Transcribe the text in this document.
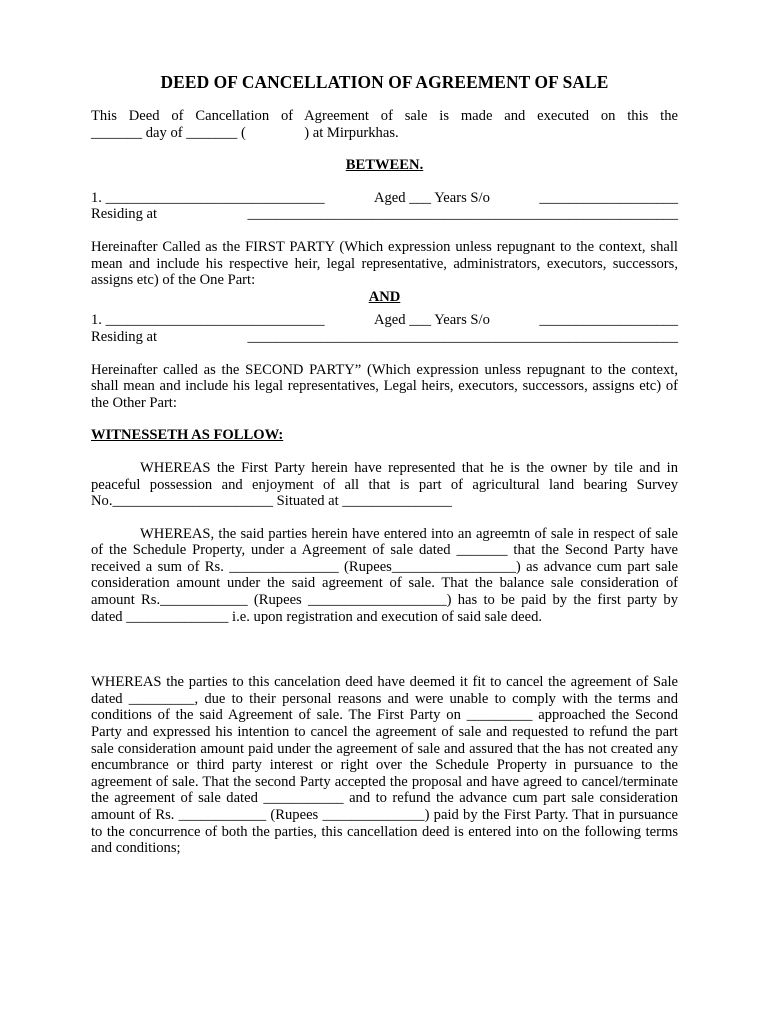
DEED OF CANCELLATION OF AGREEMENT OF SALE
This Deed of Cancellation of Agreement of sale is made and executed on this the
_______ day of _______ (                ) at Mirpurkhas.
BETWEEN.
1. ______________________________	Aged ___ Years S/o	___________________
Residing at	___________________________________________________________
Hereinafter Called as the FIRST PARTY (Which expression unless repugnant to the context, shall mean and include his respective heir, legal representative, administrators, executors, successors, assigns etc) of the One Part:
AND
1. ______________________________	Aged ___ Years S/o	___________________
Residing at	___________________________________________________________
Hereinafter called as the SECOND PARTY” (Which expression unless repugnant to the context, shall mean and include his legal representatives, Legal heirs, executors, successors, assigns etc) of the Other Part:
WITNESSETH AS FOLLOW:
WHEREAS the First Party herein have represented that he is the owner by tile and in peaceful possession and enjoyment of all that is part of agricultural land bearing Survey No.______________________ Situated at _______________
WHEREAS, the said parties herein have entered into an agreemtn of sale in respect of sale of the Schedule Property, under a Agreement of sale dated _______ that the Second Party have received a sum of Rs. _______________ (Rupees_________________) as advance cum part sale consideration amount under the said agreement of sale. That the balance sale consideration of amount Rs.____________ (Rupees ___________________) has to be paid by the first party by dated ______________ i.e. upon registration and execution of said sale deed.
WHEREAS the parties to this cancelation deed have deemed it fit to cancel the agreement of Sale dated _________, due to their personal reasons and were unable to comply with the terms and conditions of the said Agreement of sale. The First Party on _________ approached the Second Party and expressed his intention to cancel the agreement of sale and requested to refund the part sale consideration amount paid under the agreement of sale and assured that the has not created any encumbrance or third party interest or right over the Schedule Property in pursuance to the agreement of sale. That the second Party accepted the proposal and have agreed to cancel/terminate the agreement of sale dated ___________ and to refund the advance cum part sale consideration amount of Rs. ____________ (Rupees ______________) paid by the First Party. That in pursuance to the concurrence of both the parties, this cancellation deed is entered into on the following terms and conditions;
